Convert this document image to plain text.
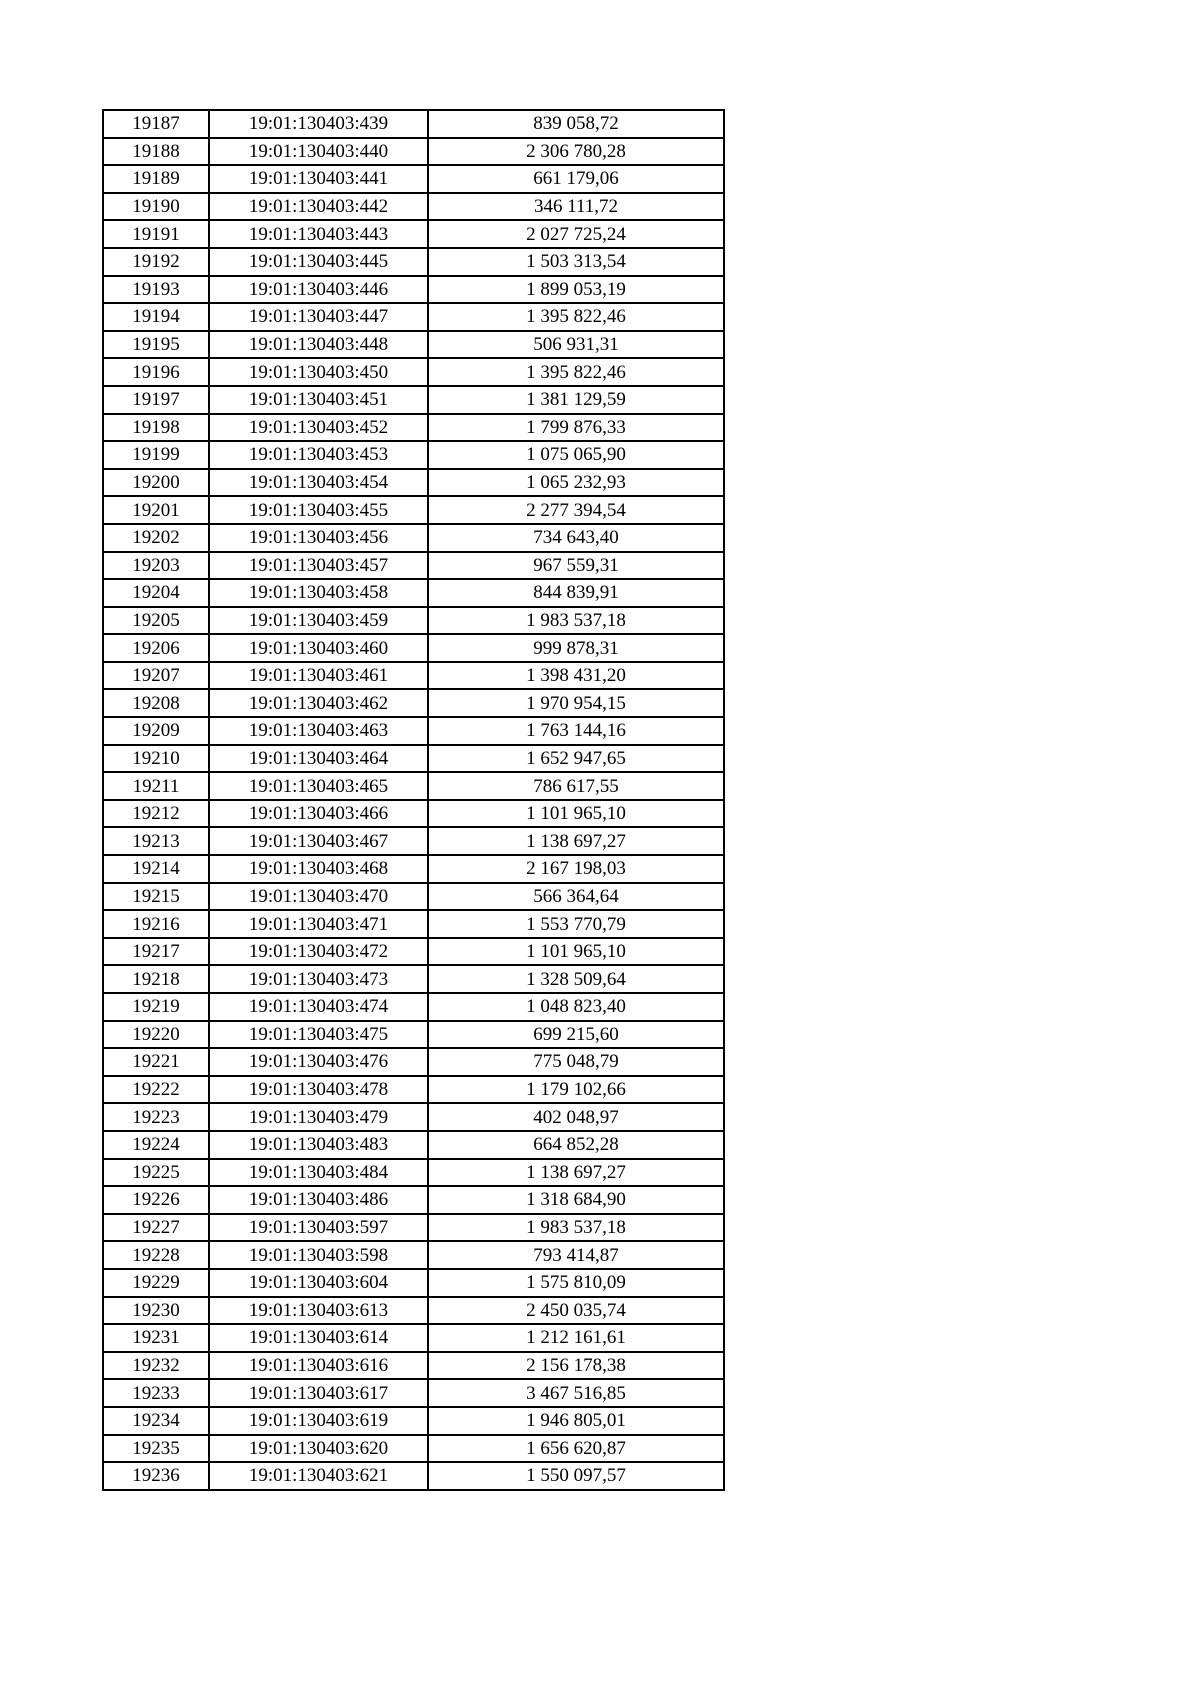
19187	19:01:130403:439	839 058,72
19188	19:01:130403:440	2 306 780,28
19189	19:01:130403:441	661 179,06
19190	19:01:130403:442	346 111,72
19191	19:01:130403:443	2 027 725,24
19192	19:01:130403:445	1 503 313,54
19193	19:01:130403:446	1 899 053,19
19194	19:01:130403:447	1 395 822,46
19195	19:01:130403:448	506 931,31
19196	19:01:130403:450	1 395 822,46
19197	19:01:130403:451	1 381 129,59
19198	19:01:130403:452	1 799 876,33
19199	19:01:130403:453	1 075 065,90
19200	19:01:130403:454	1 065 232,93
19201	19:01:130403:455	2 277 394,54
19202	19:01:130403:456	734 643,40
19203	19:01:130403:457	967 559,31
19204	19:01:130403:458	844 839,91
19205	19:01:130403:459	1 983 537,18
19206	19:01:130403:460	999 878,31
19207	19:01:130403:461	1 398 431,20
19208	19:01:130403:462	1 970 954,15
19209	19:01:130403:463	1 763 144,16
19210	19:01:130403:464	1 652 947,65
19211	19:01:130403:465	786 617,55
19212	19:01:130403:466	1 101 965,10
19213	19:01:130403:467	1 138 697,27
19214	19:01:130403:468	2 167 198,03
19215	19:01:130403:470	566 364,64
19216	19:01:130403:471	1 553 770,79
19217	19:01:130403:472	1 101 965,10
19218	19:01:130403:473	1 328 509,64
19219	19:01:130403:474	1 048 823,40
19220	19:01:130403:475	699 215,60
19221	19:01:130403:476	775 048,79
19222	19:01:130403:478	1 179 102,66
19223	19:01:130403:479	402 048,97
19224	19:01:130403:483	664 852,28
19225	19:01:130403:484	1 138 697,27
19226	19:01:130403:486	1 318 684,90
19227	19:01:130403:597	1 983 537,18
19228	19:01:130403:598	793 414,87
19229	19:01:130403:604	1 575 810,09
19230	19:01:130403:613	2 450 035,74
19231	19:01:130403:614	1 212 161,61
19232	19:01:130403:616	2 156 178,38
19233	19:01:130403:617	3 467 516,85
19234	19:01:130403:619	1 946 805,01
19235	19:01:130403:620	1 656 620,87
19236	19:01:130403:621	1 550 097,57
